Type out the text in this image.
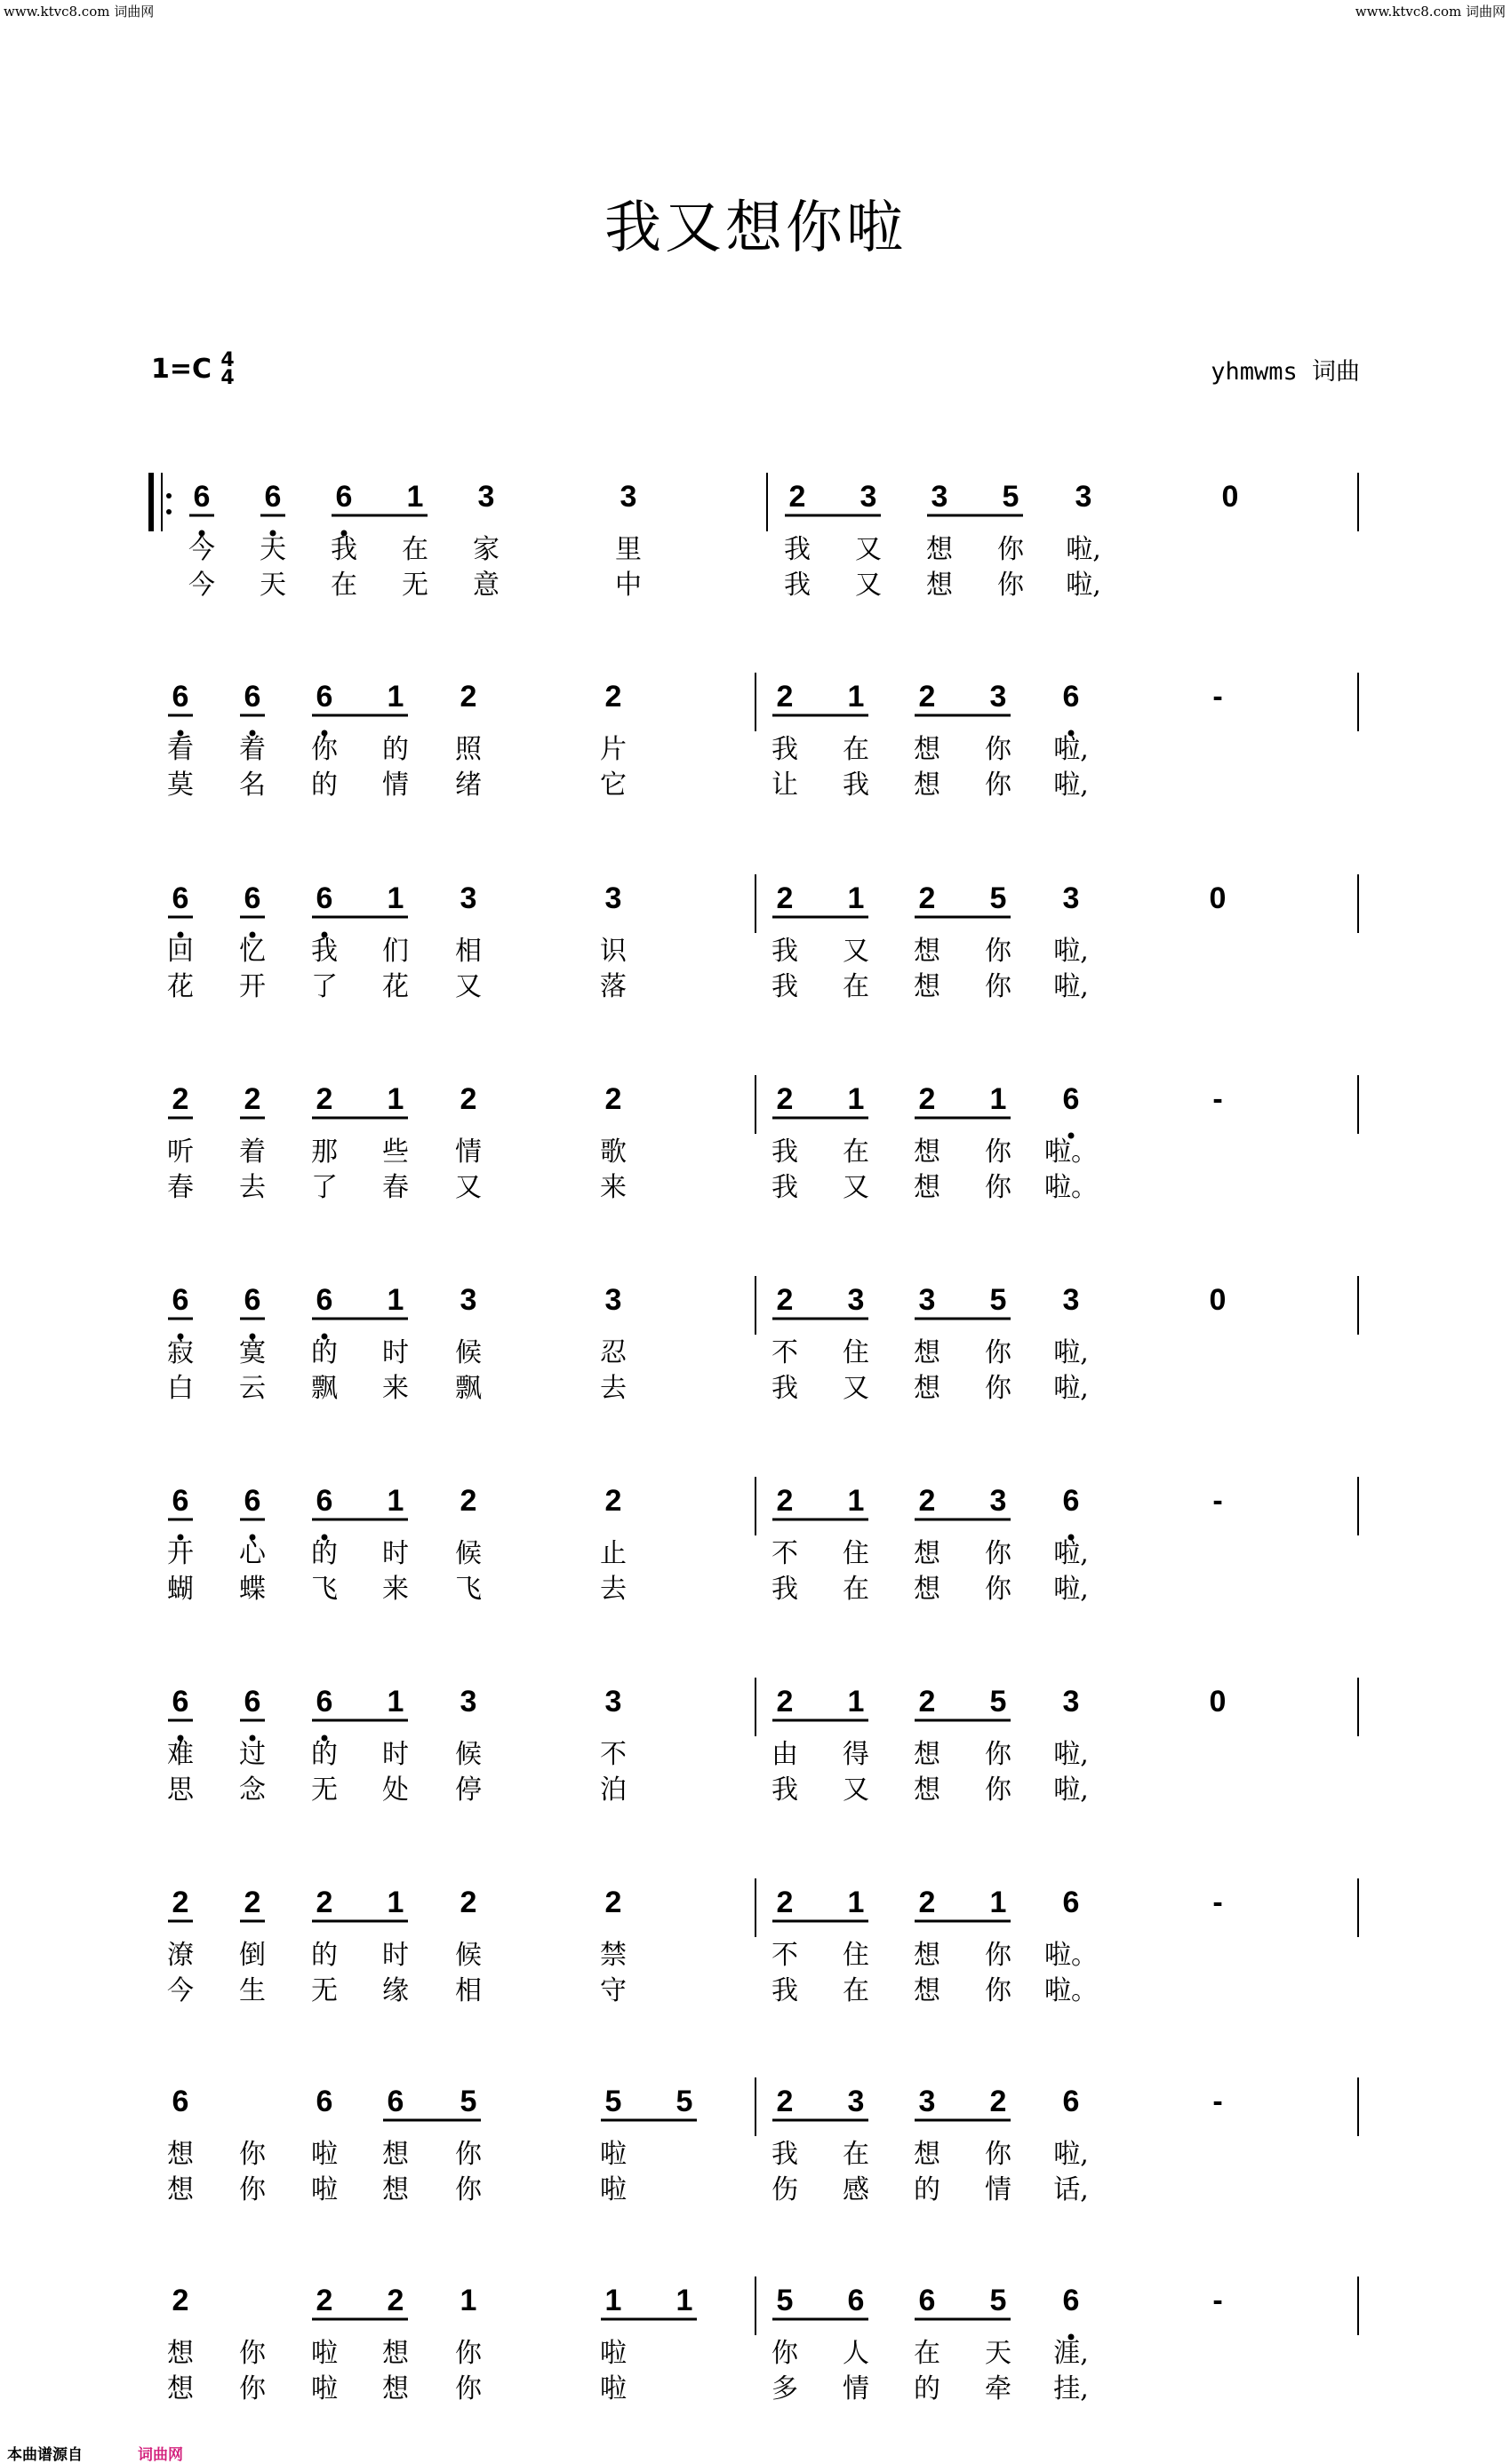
www.ktvc8.com 词曲网	www.ktvc8.com 词曲网
我又想你啦
1=C 4
4	yhmwms 词曲
6 6 6 1 3	3	2 3 3 5 3	0
今 天 我 在 家	里	我 又 想 你 啦,
今 天 在 无 意	中	我 又 想 你 啦,
6 6 6 1 2	2	2 1 2 3 6	-
看 着 你 的 照	片	我 在 想 你 啦,
莫 名 的 情 绪	它	让 我 想 你 啦,
6 6 6 1 3	3	2 1 2 5 3	0
回 忆 我 们 相	识	我 又 想 你 啦,
花 开 了 花 又	落	我 在 想 你 啦,
2 2 2 1 2	2	2 1 2 1 6	-
听 着 那 些 情	歌	我 在 想 你 啦。
春 去 了 春 又	来	我 又 想 你 啦。
6 6 6 1 3	3	2 3 3 5 3	0
寂 寞 的 时 候	忍	不 住 想 你 啦,
白 云 飘 来 飘	去	我 又 想 你 啦,
6 6 6 1 2	2	2 1 2 3 6	-
开 心 的 时 候	止	不 住 想 你 啦,
蝴 蝶 飞 来 飞	去	我 在 想 你 啦,
6 6 6 1 3	3	2 1 2 5 3	0
难 过 的 时 候	不	由 得 想 你 啦,
思 念 无 处 停	泊	我 又 想 你 啦,
2 2 2 1 2	2	2 1 2 1 6	-
潦 倒 的 时 候	禁	不 住 想 你 啦。
今 生 无 缘 相	守	我 在 想 你 啦。
6	6 6 5	5 5	2 3 3 2 6	-
想 你 啦 想 你	啦	我 在 想 你 啦,
想 你 啦 想 你	啦	伤 感 的 情 话,
2	2 2 1	1 1	5 6 6 5 6	-
想 你 啦 想 你	啦	你 人 在 天 涯,
想 你 啦 想 你	啦	多 情 的 牵 挂,
本曲谱源自	词曲网
